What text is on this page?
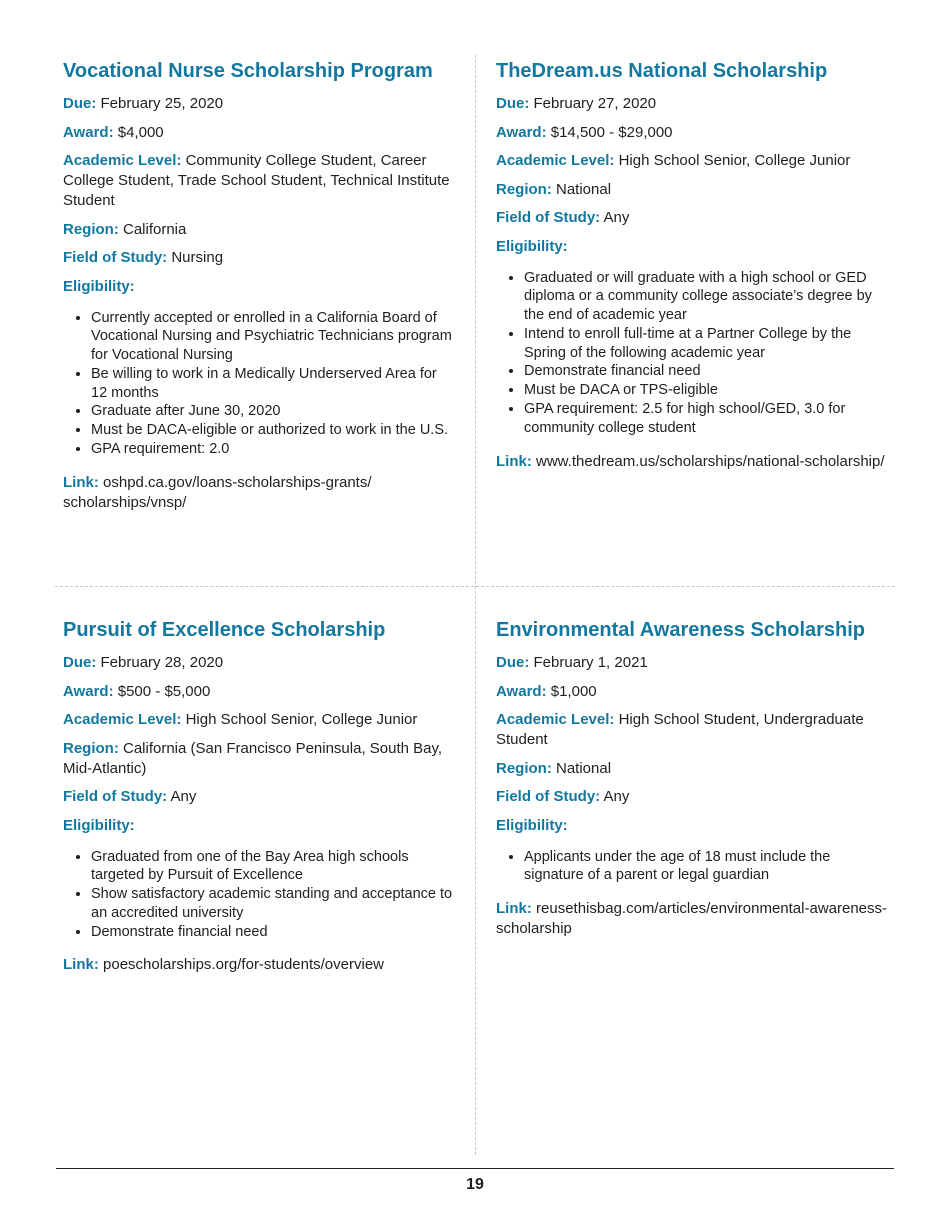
Vocational Nurse Scholarship Program
Due: February 25, 2020
Award: $4,000
Academic Level: Community College Student, Career College Student, Trade School Student, Technical Institute Student
Region: California
Field of Study: Nursing
Eligibility:
• Currently accepted or enrolled in a California Board of Vocational Nursing and Psychiatric Technicians program for Vocational Nursing
• Be willing to work in a Medically Underserved Area for 12 months
• Graduate after June 30, 2020
• Must be DACA-eligible or authorized to work in the U.S.
• GPA requirement: 2.0
Link: oshpd.ca.gov/loans-scholarships-grants/ scholarships/vnsp/
TheDream.us National Scholarship
Due: February 27, 2020
Award: $14,500 - $29,000
Academic Level: High School Senior, College Junior
Region: National
Field of Study: Any
Eligibility:
• Graduated or will graduate with a high school or GED diploma or a community college associate’s degree by the end of academic year
• Intend to enroll full-time at a Partner College by the Spring of the following academic year
• Demonstrate financial need
• Must be DACA or TPS-eligible
• GPA requirement: 2.5 for high school/GED, 3.0 for community college student
Link: www.thedream.us/scholarships/national-scholarship/
Pursuit of Excellence Scholarship
Due: February 28, 2020
Award: $500 - $5,000
Academic Level: High School Senior, College Junior
Region: California (San Francisco Peninsula, South Bay, Mid-Atlantic)
Field of Study: Any
Eligibility:
• Graduated from one of the Bay Area high schools targeted by Pursuit of Excellence
• Show satisfactory academic standing and acceptance to an accredited university
• Demonstrate financial need
Link: poescholarships.org/for-students/overview
Environmental Awareness Scholarship
Due: February 1, 2021
Award: $1,000
Academic Level: High School Student, Undergraduate Student
Region: National
Field of Study: Any
Eligibility:
• Applicants under the age of 18 must include the signature of a parent or legal guardian
Link: reusethisbag.com/articles/environmental-awareness-scholarship
19
